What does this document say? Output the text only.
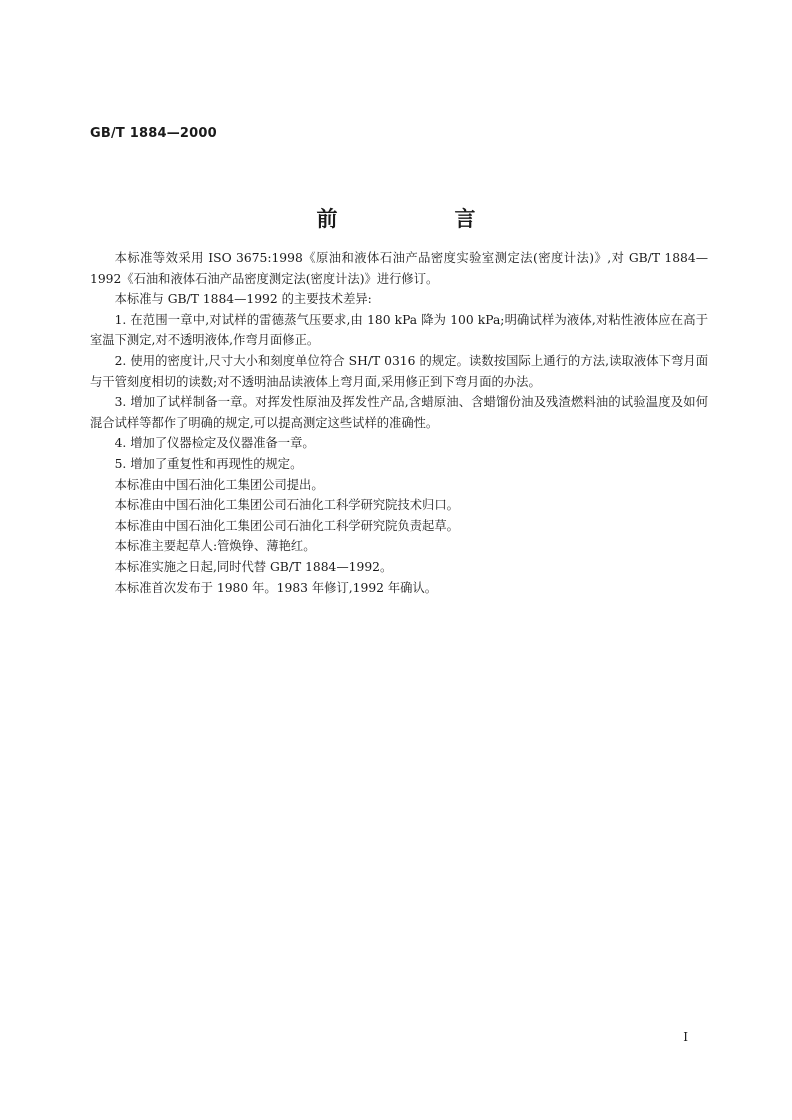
GB/T 1884—2000
前　言

本标准等效采用 ISO 3675:1998《原油和液体石油产品密度实验室测定法(密度计法)》,对 GB/T 1884—1992《石油和液体石油产品密度测定法(密度计法)》进行修订。

本标准与 GB/T 1884—1992 的主要技术差异:

1. 在范围一章中,对试样的雷德蒸气压要求,由 180 kPa 降为 100 kPa;明确试样为液体,对粘性液体应在高于室温下测定,对不透明液体,作弯月面修正。

2. 使用的密度计,尺寸大小和刻度单位符合 SH/T 0316 的规定。读数按国际上通行的方法,读取液体下弯月面与干管刻度相切的读数;对不透明油品读液体上弯月面,采用修正到下弯月面的办法。

3. 增加了试样制备一章。对挥发性原油及挥发性产品,含蜡原油、含蜡馏份油及残渣燃料油的试验温度及如何混合试样等都作了明确的规定,可以提高测定这些试样的准确性。

4. 增加了仪器检定及仪器准备一章。

5. 增加了重复性和再现性的规定。

本标准由中国石油化工集团公司提出。

本标准由中国石油化工集团公司石油化工科学研究院技术归口。

本标准由中国石油化工集团公司石油化工科学研究院负责起草。

本标准主要起草人:管焕铮、薄艳红。

本标准实施之日起,同时代替 GB/T 1884—1992。

本标准首次发布于 1980 年。1983 年修订,1992 年确认。

I
